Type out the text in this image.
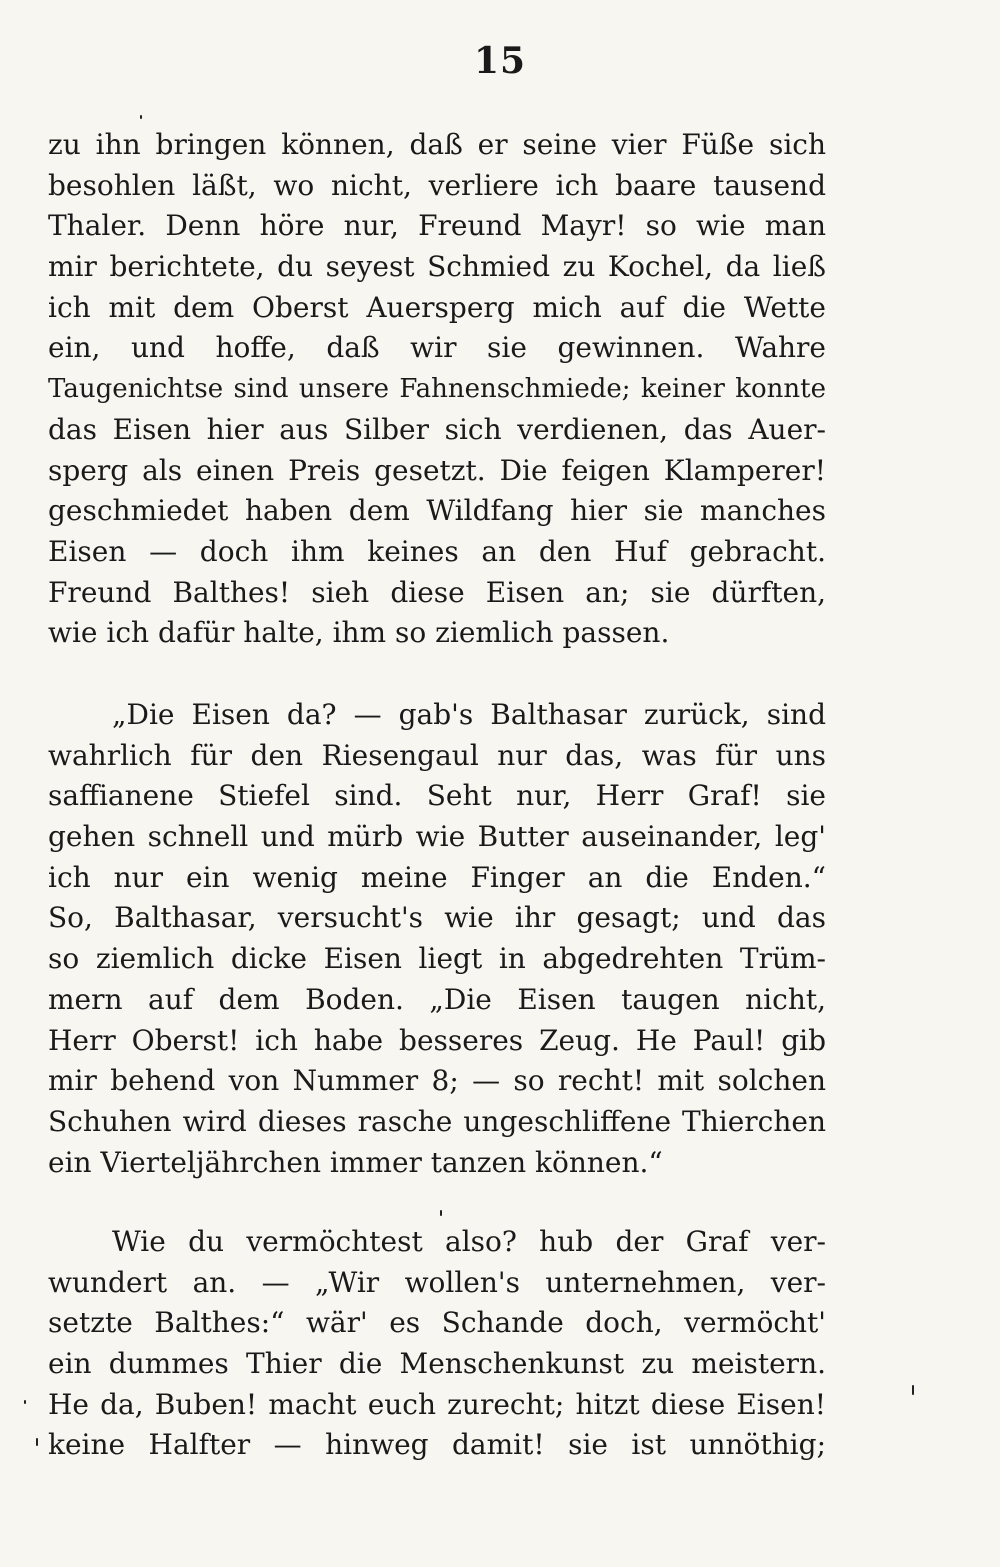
15

zu ihn bringen können, daß er seine vier Füße sich
besohlen läßt, wo nicht, verliere ich baare tausend
Thaler. Denn höre nur, Freund Mayr! so wie man
mir berichtete, du seyest Schmied zu Kochel, da ließ
ich mit dem Oberst Auersperg mich auf die Wette
ein, und hoffe, daß wir sie gewinnen. Wahre
Taugenichtse sind unsere Fahnenschmiede; keiner konnte
das Eisen hier aus Silber sich verdienen, das Auer-
sperg als einen Preis gesetzt. Die feigen Klamperer!
geschmiedet haben dem Wildfang hier sie manches
Eisen — doch ihm keines an den Huf gebracht.
Freund Balthes! sieh diese Eisen an; sie dürften,
wie ich dafür halte, ihm so ziemlich passen.

„Die Eisen da? — gab's Balthasar zurück, sind
wahrlich für den Riesengaul nur das, was für uns
saffianene Stiefel sind. Seht nur, Herr Graf! sie
gehen schnell und mürb wie Butter auseinander, leg'
ich nur ein wenig meine Finger an die Enden.“
So, Balthasar, versucht's wie ihr gesagt; und das
so ziemlich dicke Eisen liegt in abgedrehten Trüm-
mern auf dem Boden. „Die Eisen taugen nicht,
Herr Oberst! ich habe besseres Zeug. He Paul! gib
mir behend von Nummer 8; — so recht! mit solchen
Schuhen wird dieses rasche ungeschliffene Thierchen
ein Vierteljährchen immer tanzen können.“

Wie du vermöchtest also? hub der Graf ver-
wundert an. — „Wir wollen's unternehmen, ver-
setzte Balthes:“ wär' es Schande doch, vermöcht'
ein dummes Thier die Menschenkunst zu meistern.
He da, Buben! macht euch zurecht; hitzt diese Eisen!
keine Halfter — hinweg damit! sie ist unnöthig;
